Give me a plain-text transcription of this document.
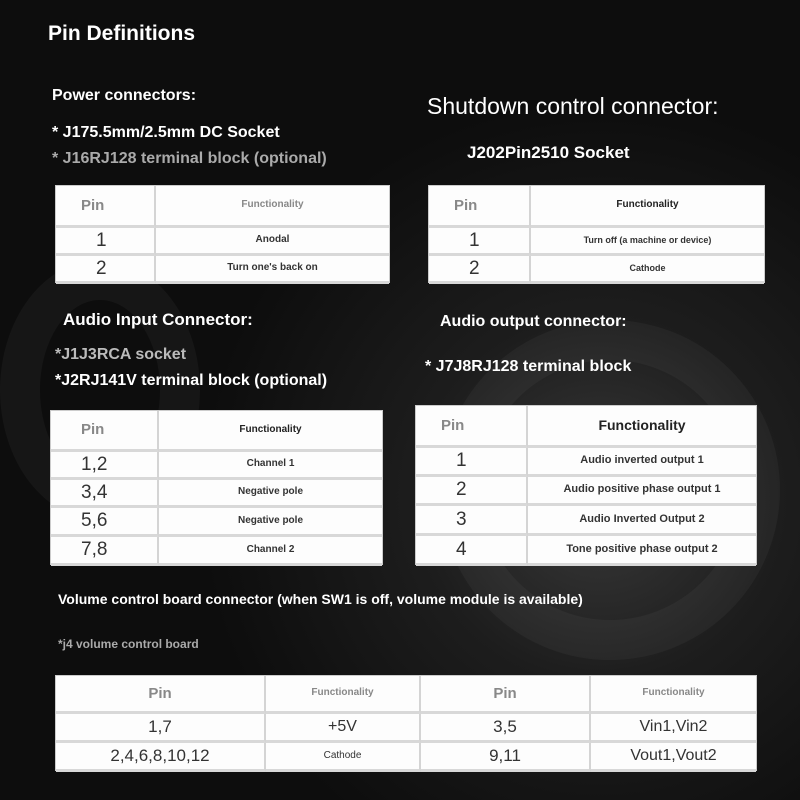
Pin Definitions
Power connectors:
* J175.5mm/2.5mm DC Socket
* J16RJ128 terminal block (optional)
Pin	Functionality
1	Anodal
2	Turn one's back on
Shutdown control connector:
J202Pin2510 Socket
Pin	Functionality
1	Turn off (a machine or device)
2	Cathode
Audio Input Connector:
*J1J3RCA socket
*J2RJ141V terminal block (optional)
Pin	Functionality
1,2	Channel 1
3,4	Negative pole
5,6	Negative pole
7,8	Channel 2
Audio output connector:
* J7J8RJ128 terminal block
Pin	Functionality
1	Audio inverted output 1
2	Audio positive phase output 1
3	Audio Inverted Output 2
4	Tone positive phase output 2
Volume control board connector (when SW1 is off, volume module is available)
*j4 volume control board
Pin	Functionality	Pin	Functionality
1,7	+5V	3,5	Vin1,Vin2
2,4,6,8,10,12	Cathode	9,11	Vout1,Vout2
